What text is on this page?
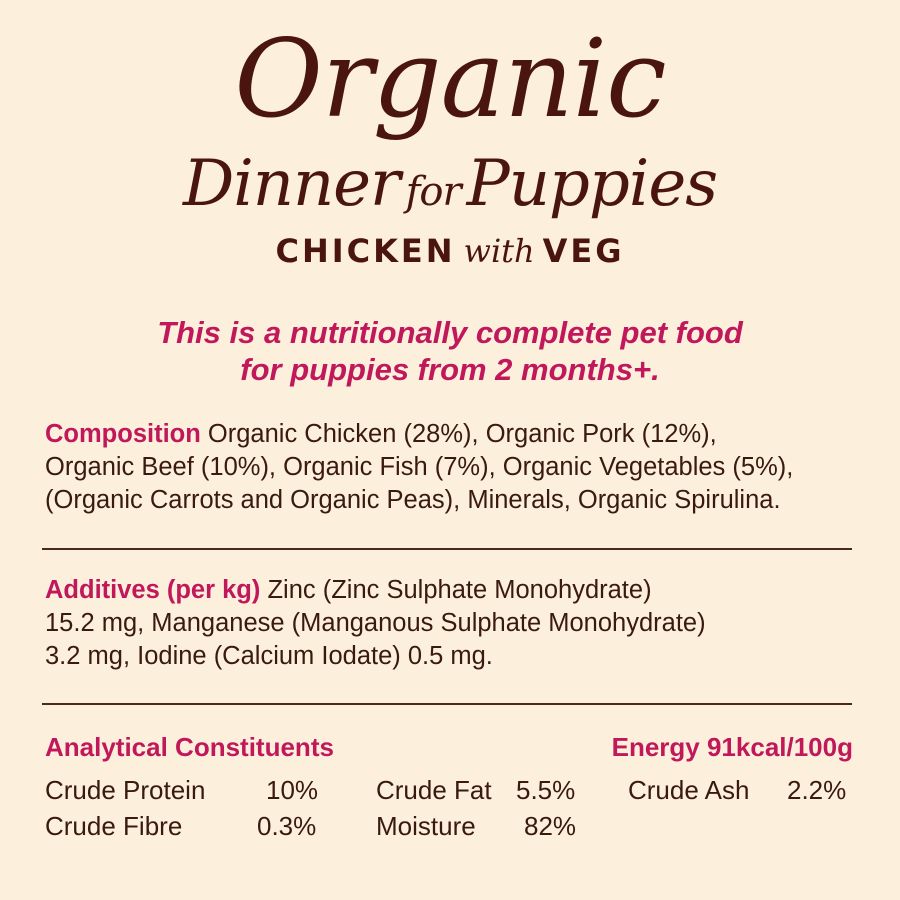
Organic
Dinner forPuppies
CHICKEN with VEG
This is a nutritionally complete pet food
for puppies from 2 months+.
Composition Organic Chicken (28%), Organic Pork (12%),
Organic Beef (10%), Organic Fish (7%), Organic Vegetables (5%),
(Organic Carrots and Organic Peas), Minerals, Organic Spirulina.
Additives (per kg) Zinc (Zinc Sulphate Monohydrate)
15.2 mg, Manganese (Manganous Sulphate Monohydrate)
3.2 mg, Iodine (Calcium Iodate) 0.5 mg.
Analytical Constituents	Energy 91kcal/100g
Crude Protein 10% Crude Fat 5.5% Crude Ash 2.2%
Crude Fibre	0.3% Moisture 82%
